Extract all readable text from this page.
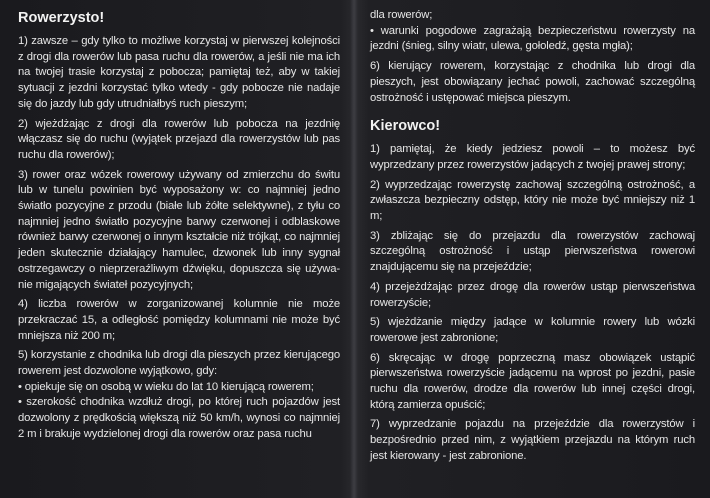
Rowerzysto!
1) zawsze – gdy tylko to możliwe korzystaj w pierwszej kolejności z drogi dla rowerów lub pasa ruchu dla rowerów, a jeśli nie ma ich na twojej trasie korzystaj z pobocza; pamiętaj też, aby w takiej sytuacji z jezdni korzystać tylko wtedy - gdy pobocze nie nadaje się do jazdy lub gdy utrudniałbyś ruch pieszym;
2) wjeżdżając z drogi dla rowerów lub pobocza na jezdnię włączasz się do ruchu (wyjątek przejazd dla rowerzystów lub pas ruchu dla rowerów);
3) rower oraz wózek rowerowy używany od zmierzchu do świtu lub w tunelu powinien być wyposażony w: co najmniej jedno światło pozycyjne z przodu (białe lub żółte selektywne), z tyłu co najmniej jedno światło pozycyjne barwy czerwonej i odblaskowe również barwy czerwonej o innym kształcie niż trójkąt, co najmniej jeden skutecznie działający hamulec, dzwonek lub inny sygnał ostrzegawczy o nieprzeraźliwym dźwięku, dopuszcza się używa-nie migających świateł pozycyjnych;
4) liczba rowerów w zorganizowanej kolumnie nie może przekraczać 15, a odległość pomiędzy kolumnami nie może być mniejsza niż 200 m;
5) korzystanie z chodnika lub drogi dla pieszych przez kierującego rowerem jest dozwolone wyjątkowo, gdy:
• opiekuje się on osobą w wieku do lat 10 kierującą rowerem;
• szerokość chodnika wzdłuż drogi, po której ruch pojazdów jest dozwolony z prędkością większą niż 50 km/h, wynosi co najmniej 2 m i brakuje wydzielonej drogi dla rowerów oraz pasa ruchu
dla rowerów;
• warunki pogodowe zagrażają bezpieczeństwu rowerzysty na jezdni (śnieg, silny wiatr, ulewa, gołoledź, gęsta mgła);
6) kierujący rowerem, korzystając z chodnika lub drogi dla pieszych, jest obowiązany jechać powoli, zachować szczególną ostrożność i ustępować miejsca pieszym.
Kierowco!
1) pamiętaj, że kiedy jedziesz powoli – to możesz być wyprzedzany przez rowerzystów jadących z twojej prawej strony;
2) wyprzedzając rowerzystę zachowaj szczególną ostrożność, a zwłaszcza bezpieczny odstęp, który nie może być mniejszy niż 1 m;
3) zbliżając się do przejazdu dla rowerzystów zachowaj szczególną ostrożność i ustąp pierwszeństwa rowerowi znajdującemu się na przejeździe;
4) przejeżdżając przez drogę dla rowerów ustąp pierwszeństwa rowerzyście;
5) wjeżdżanie między jadące w kolumnie rowery lub wózki rowerowe jest zabronione;
6) skręcając w drogę poprzeczną masz obowiązek ustąpić pierwszeństwa rowerzyście jadącemu na wprost po jezdni, pasie ruchu dla rowerów, drodze dla rowerów lub innej części drogi, którą zamierza opuścić;
7) wyprzedzanie pojazdu na przejeździe dla rowerzystów i bezpośrednio przed nim, z wyjątkiem przejazdu na którym ruch jest kierowany - jest zabronione.
